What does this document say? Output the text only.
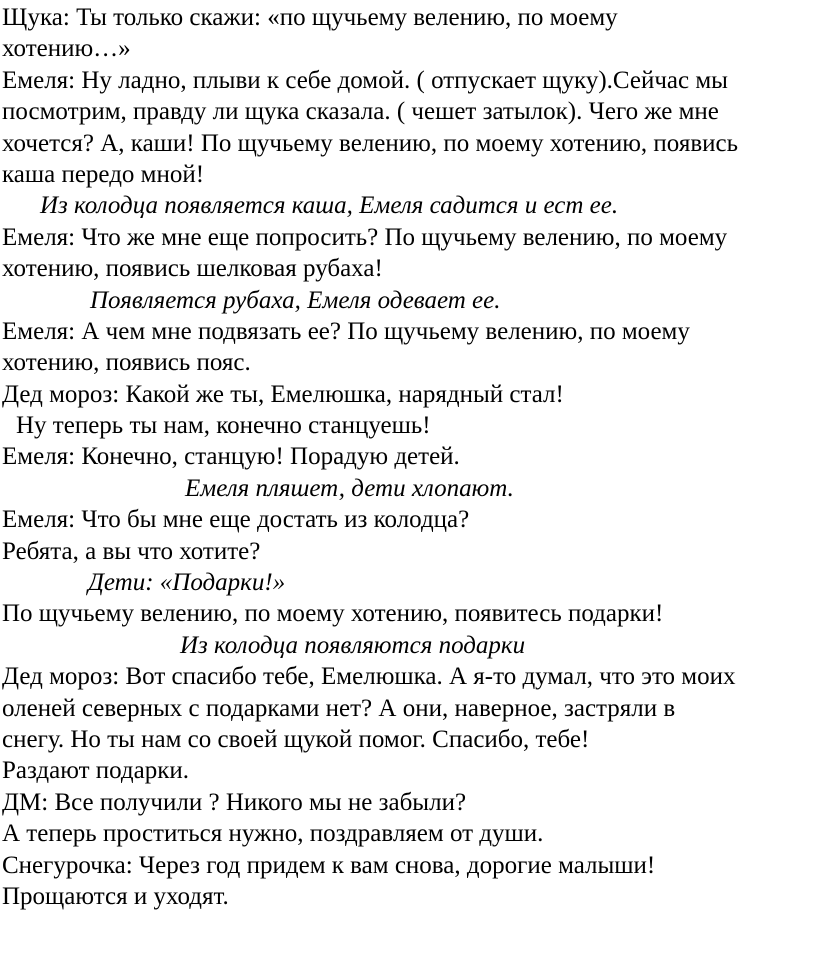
Щука: Ты только скажи: «по щучьему велению, по моему
хотению…»
Емеля: Ну ладно, плыви к себе домой. ( отпускает щуку).Сейчас мы
посмотрим, правду ли щука сказала. ( чешет затылок). Чего же мне
хочется? А, каши! По щучьему велению, по моему хотению, появись
каша передо мной!
Из колодца появляется каша, Емеля садится и ест ее.
Емеля: Что же мне еще попросить? По щучьему велению, по моему
хотению, появись шелковая рубаха!
Появляется рубаха, Емеля одевает ее.
Емеля: А чем мне подвязать ее? По щучьему велению, по моему
хотению, появись пояс.
Дед мороз: Какой же ты, Емелюшка, нарядный стал!
Ну теперь ты нам, конечно станцуешь!
Емеля: Конечно, станцую! Порадую детей.
Емеля пляшет, дети хлопают.
Емеля: Что бы мне еще достать из колодца?
Ребята, а вы что хотите?
Дети: «Подарки!»
По щучьему велению, по моему хотению, появитесь подарки!
Из колодца появляются подарки
Дед мороз: Вот спасибо тебе, Емелюшка. А я-то думал, что это моих
оленей северных с подарками нет? А они, наверное, застряли в
снегу. Но ты нам со своей щукой помог. Спасибо, тебе!
Раздают подарки.
ДМ: Все получили ? Никого мы не забыли?
А теперь проститься нужно, поздравляем от души.
Снегурочка: Через год придем к вам снова, дорогие малыши!
Прощаются и уходят.
